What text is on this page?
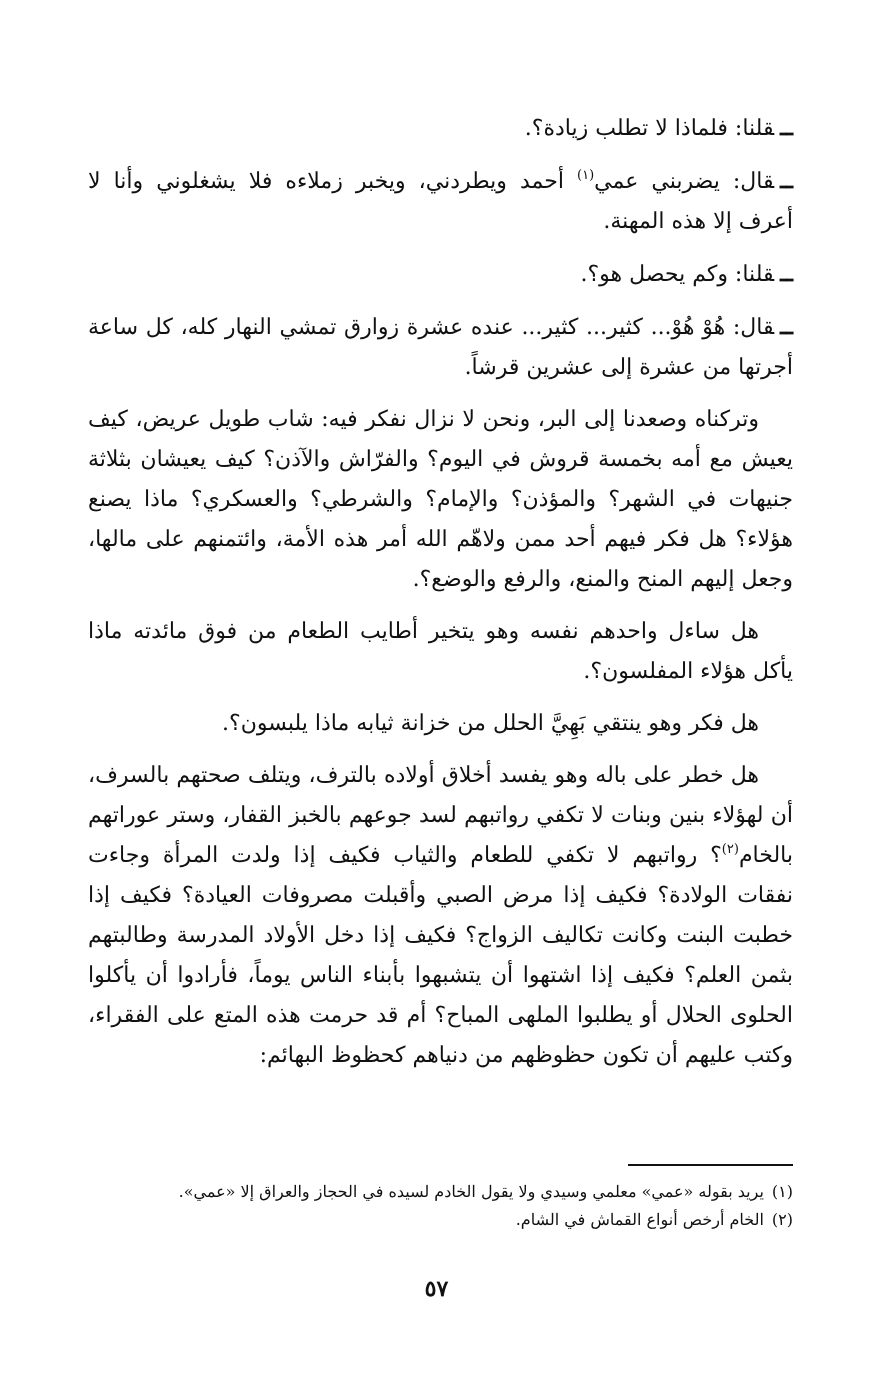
ــقلنا: فلماذا لا تطلب زيادة؟.

ــقال: يضربني عمي$^{(١)}$ أحمد ويطردني، ويخبر زملاءه فلا يشغلوني وأنا لا أعرف إلا هذه المهنة.

ــقلنا: وكم يحصل هو؟.

ــقال: هُوْ هُوْ... كثير... كثير... عنده عشرة زوارق تمشي النهار كله، كل ساعة أجرتها من عشرة إلى عشرين قرشاً.

وتركناه وصعدنا إلى البر، ونحن لا نزال نفكر فيه: شاب طويل عريض، كيف يعيش مع أمه بخمسة قروش في اليوم؟ والفرّاش والآذن؟ كيف يعيشان بثلاثة جنيهات في الشهر؟ والمؤذن؟ والإمام؟ والشرطي؟ والعسكري؟ ماذا يصنع هؤلاء؟ هل فكر فيهم أحد ممن ولاهّم الله أمر هذه الأمة، وائتمنهم على مالها، وجعل إليهم المنح والمنع، والرفع والوضع؟.

هل ساءل واحدهم نفسه وهو يتخير أطايب الطعام من فوق مائدته ماذا يأكل هؤلاء المفلسون؟.

هل فكر وهو ينتقي بَهِيَّ الحلل من خزانة ثيابه ماذا يلبسون؟.

هل خطر على باله وهو يفسد أخلاق أولاده بالترف، ويتلف صحتهم بالسرف، أن لهؤلاء بنين وبنات لا تكفي رواتبهم لسد جوعهم بالخبز القفار، وستر عوراتهم بالخام$^{(٢)}$؟ رواتبهم لا تكفي للطعام والثياب فكيف إذا ولدت المرأة وجاءت نفقات الولادة؟ فكيف إذا مرض الصبي وأقبلت مصروفات العيادة؟ فكيف إذا خطبت البنت وكانت تكاليف الزواج؟ فكيف إذا دخل الأولاد المدرسة وطالبتهم بثمن العلم؟ فكيف إذا اشتهوا أن يتشبهوا بأبناء الناس يوماً، فأرادوا أن يأكلوا الحلوى الحلال أو يطلبوا الملهى المباح؟ أم قد حرمت هذه المتع على الفقراء، وكتب عليهم أن تكون حظوظهم من دنياهم كحظوظ البهائم:

(١)يريد بقوله «عمي» معلمي وسيدي ولا يقول الخادم لسيده في الحجاز والعراق إلا «عمي».

(٢)الخام أرخص أنواع القماش في الشام.

٥٧
